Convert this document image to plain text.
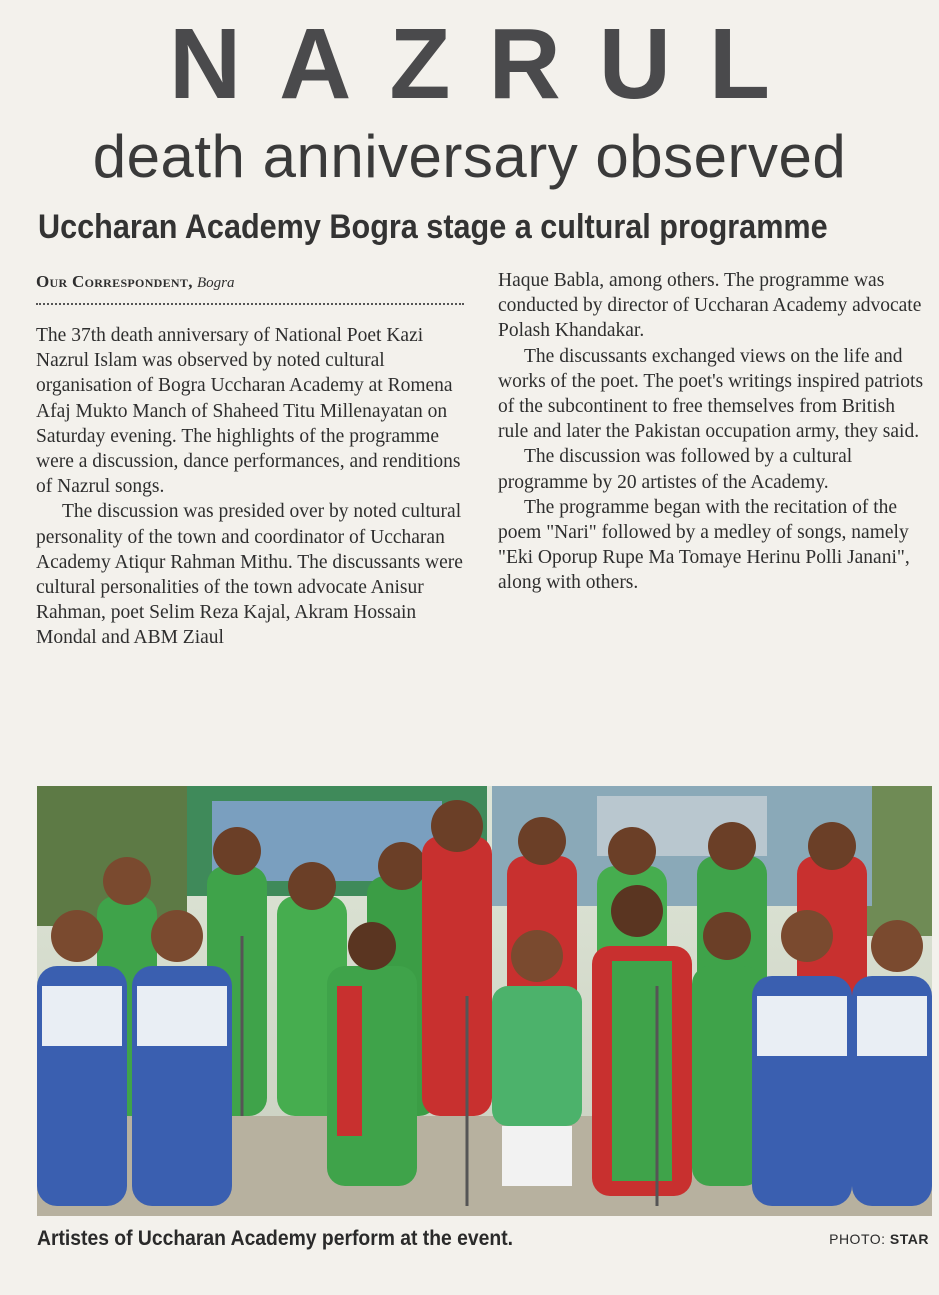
NAZRUL
death anniversary observed
Uccharan Academy Bogra stage a cultural programme
Our Correspondent, Bogra

The 37th death anniversary of National Poet Kazi Nazrul Islam was observed by noted cultural organisation of Bogra Uccharan Academy at Romena Afaj Mukto Manch of Shaheed Titu Millenayatan on Saturday evening. The highlights of the programme were a discussion, dance performances, and renditions of Nazrul songs.

The discussion was presided over by noted cultural personality of the town and coordinator of Uccharan Academy Atiqur Rahman Mithu. The discussants were cultural personalities of the town advocate Anisur Rahman, poet Selim Reza Kajal, Akram Hossain Mondal and ABM Ziaul

Haque Babla, among others. The programme was conducted by director of Uccharan Academy advocate Polash Khandakar.

The discussants exchanged views on the life and works of the poet. The poet's writings inspired patriots of the subcontinent to free themselves from British rule and later the Pakistan occupation army, they said.

The discussion was followed by a cultural programme by 20 artistes of the Academy.

The programme began with the recitation of the poem "Nari" followed by a medley of songs, namely "Eki Oporup Rupe Ma Tomaye Herinu Polli Janani", along with others.

Artistes of Uccharan Academy perform at the event.	PHOTO: STAR
